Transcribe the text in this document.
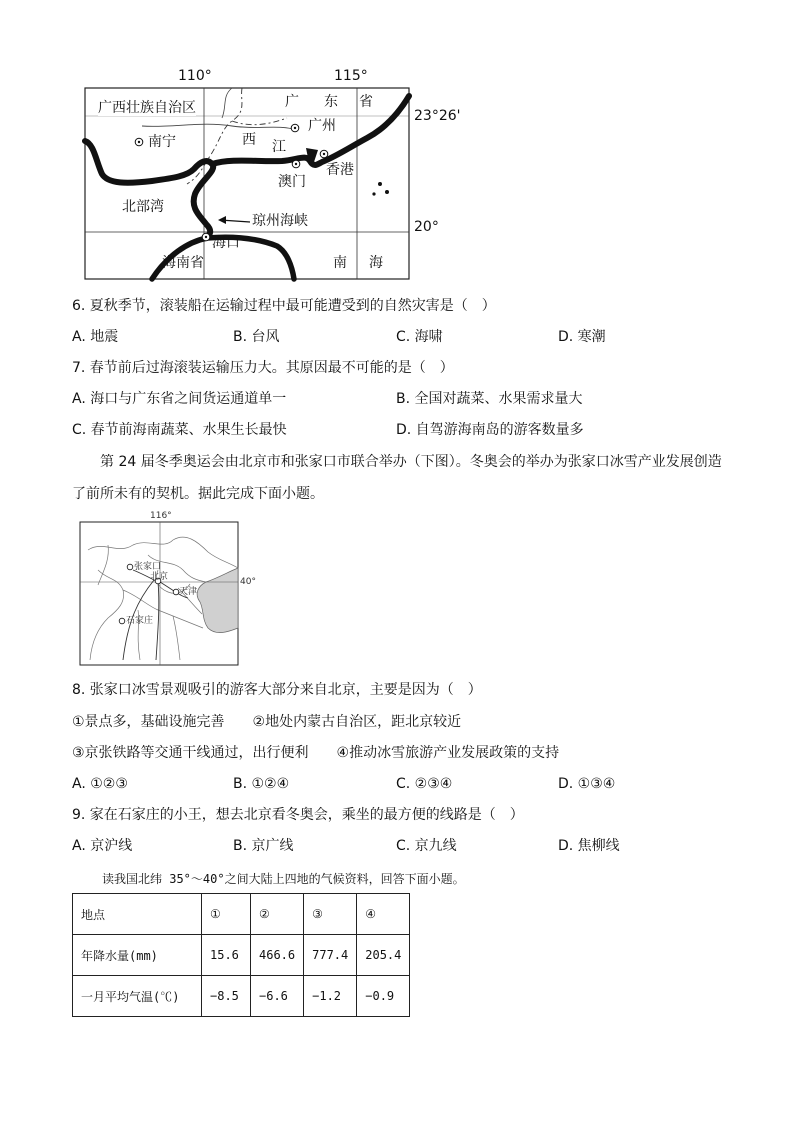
110°	115°
23°26'
20°
广西壮族自治区	广 东 省
广州
南宁	西 江
澳门
香港
北部湾
琼州海峡
海口
海南省	南 海
6. 夏秋季节，滚装船在运输过程中最可能遭受到的自然灾害是（　）
A. 地震	B. 台风	C. 海啸	D. 寒潮
7. 春节前后过海滚装运输压力大。其原因最不可能的是（　）
A. 海口与广东省之间货运通道单一	B. 全国对蔬菜、水果需求量大
C. 春节前海南蔬菜、水果生长最快	D. 自驾游海南岛的游客数量多
第 24 届冬季奥运会由北京市和张家口市联合举办（下图）。冬奥会的举办为张家口冰雪产业发展创造了前所未有的契机。据此完成下面小题。
116°
40°
张家口
北京
天津
石家庄
8. 张家口冰雪景观吸引的游客大部分来自北京，主要是因为（　）
①景点多，基础设施完善　　②地处内蒙古自治区，距北京较近
③京张铁路等交通干线通过，出行便利　　④推动冰雪旅游产业发展政策的支持
A. ①②③	B. ①②④	C. ②③④	D. ①③④
9. 家在石家庄的小王，想去北京看冬奥会，乘坐的最方便的线路是（　）
A. 京沪线	B. 京广线	C. 京九线	D. 焦柳线
读我国北纬 35°～40°之间大陆上四地的气候资料，回答下面小题。
地点	①	②	③	④
年降水量(mm)	15.6	466.6	777.4	205.4
一月平均气温(℃)	−8.5	−6.6	−1.2	−0.9
